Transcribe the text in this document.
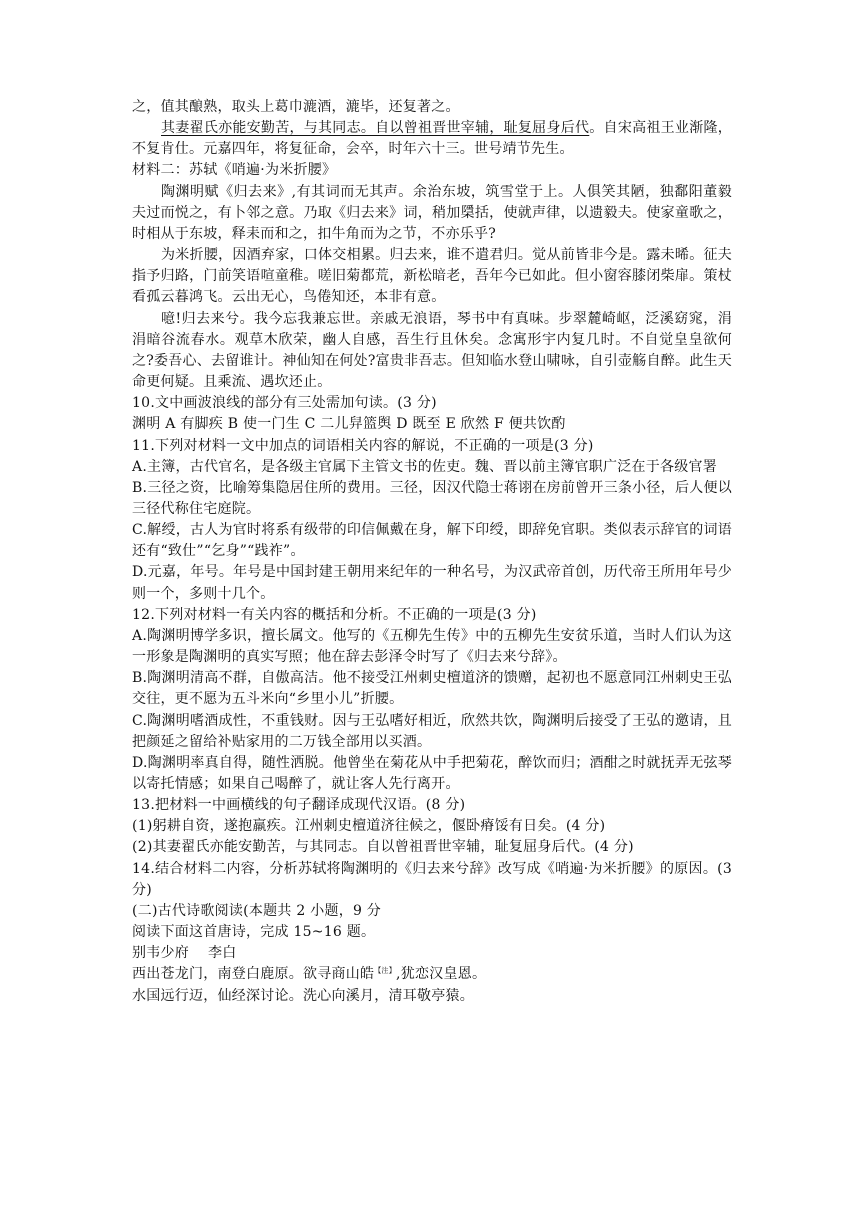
之，值其酿熟，取头上葛巾漉酒，漉毕，还复著之。

其妻翟氏亦能安勤苦，与其同志。自以曾祖晋世宰辅，耻复屈身后代。自宋高祖王业渐隆，不复肯仕。元嘉四年，将复征命，会卒，时年六十三。世号靖节先生。

材料二：苏轼《哨遍·为米折腰》

陶渊明赋《归去来》,有其词而无其声。余治东坡，筑雪堂于上。人俱笑其陋，独鄱阳董毅夫过而悦之，有卜邻之意。乃取《归去来》词，稍加檃括，使就声律，以遗毅夫。使家童歌之，时相从于东坡，释耒而和之，扣牛角而为之节，不亦乐乎?

为米折腰，因酒弃家，口体交相累。归去来，谁不遣君归。觉从前皆非今是。露未晞。征夫指予归路，门前笑语喧童稚。嗟旧菊都荒，新松暗老，吾年今已如此。但小窗容膝闭柴扉。策杖看孤云暮鸿飞。云出无心，鸟倦知还，本非有意。

噫!归去来兮。我今忘我兼忘世。亲戚无浪语，琴书中有真味。步翠麓崎岖，泛溪窈窕，涓涓暗谷流春水。观草木欣荣，幽人自感，吾生行且休矣。念寓形宇内复几时。不自觉皇皇欲何之?委吾心、去留谁计。神仙知在何处?富贵非吾志。但知临水登山啸咏，自引壶觞自醉。此生天命更何疑。且乘流、遇坎还止。

10.文中画波浪线的部分有三处需加句读。(3 分)

渊明 A 有脚疾 B 使一门生 C 二儿舁篮舆 D 既至 E 欣然 F 便共饮酌

11.下列对材料一文中加点的词语相关内容的解说，不正确的一项是(3 分)

A.主簿，古代官名，是各级主官属下主管文书的佐吏。魏、晋以前主簿官职广泛在于各级官署

B.三径之资，比喻筹集隐居住所的费用。三径，因汉代隐士蒋诩在房前曾开三条小径，后人便以三径代称住宅庭院。

C.解绶，古人为官时将系有级带的印信佩戴在身，解下印绶，即辞免官职。类似表示辞官的词语还有“致仕”“乞身”“践祚”。

D.元嘉，年号。年号是中国封建王朝用来纪年的一种名号，为汉武帝首创，历代帝王所用年号少则一个，多则十几个。

12.下列对材料一有关内容的概括和分析。不正确的一项是(3 分)

A.陶渊明博学多识，擅长属文。他写的《五柳先生传》中的五柳先生安贫乐道，当时人们认为这一形象是陶渊明的真实写照；他在辞去彭泽令时写了《归去来兮辞》。

B.陶渊明清高不群，自傲高洁。他不接受江州刺史檀道济的馈赠，起初也不愿意同江州刺史王弘交往，更不愿为五斗米向“乡里小儿”折腰。

C.陶渊明嗜酒成性，不重钱财。因与王弘嗜好相近，欣然共饮，陶渊明后接受了王弘的邀请，且把颜延之留给补贴家用的二万钱全部用以买酒。

D.陶渊明率真自得，随性洒脱。他曾坐在菊花从中手把菊花，醉饮而归；酒酣之时就抚弄无弦琴以寄托情感；如果自己喝醉了，就让客人先行离开。

13.把材料一中画横线的句子翻译成现代汉语。(8 分)

(1)躬耕自资，遂抱羸疾。江州刺史檀道济往候之，偃卧瘠馁有日矣。(4 分)

(2)其妻翟氏亦能安勤苦，与其同志。自以曾祖晋世宰辅，耻复屈身后代。(4 分)

14.结合材料二内容，分析苏轼将陶渊明的《归去来兮辞》改写成《哨遍·为米折腰》的原因。(3 分)

(二)古代诗歌阅读(本题共 2 小题，9 分

阅读下面这首唐诗，完成 15~16 题。

别韦少府　 李白

西出苍龙门，南登白鹿原。欲寻商山皓$^{【注】}$,犹恋汉皇恩。

水国远行迈，仙经深讨论。洗心向溪月，清耳敬亭猿。
